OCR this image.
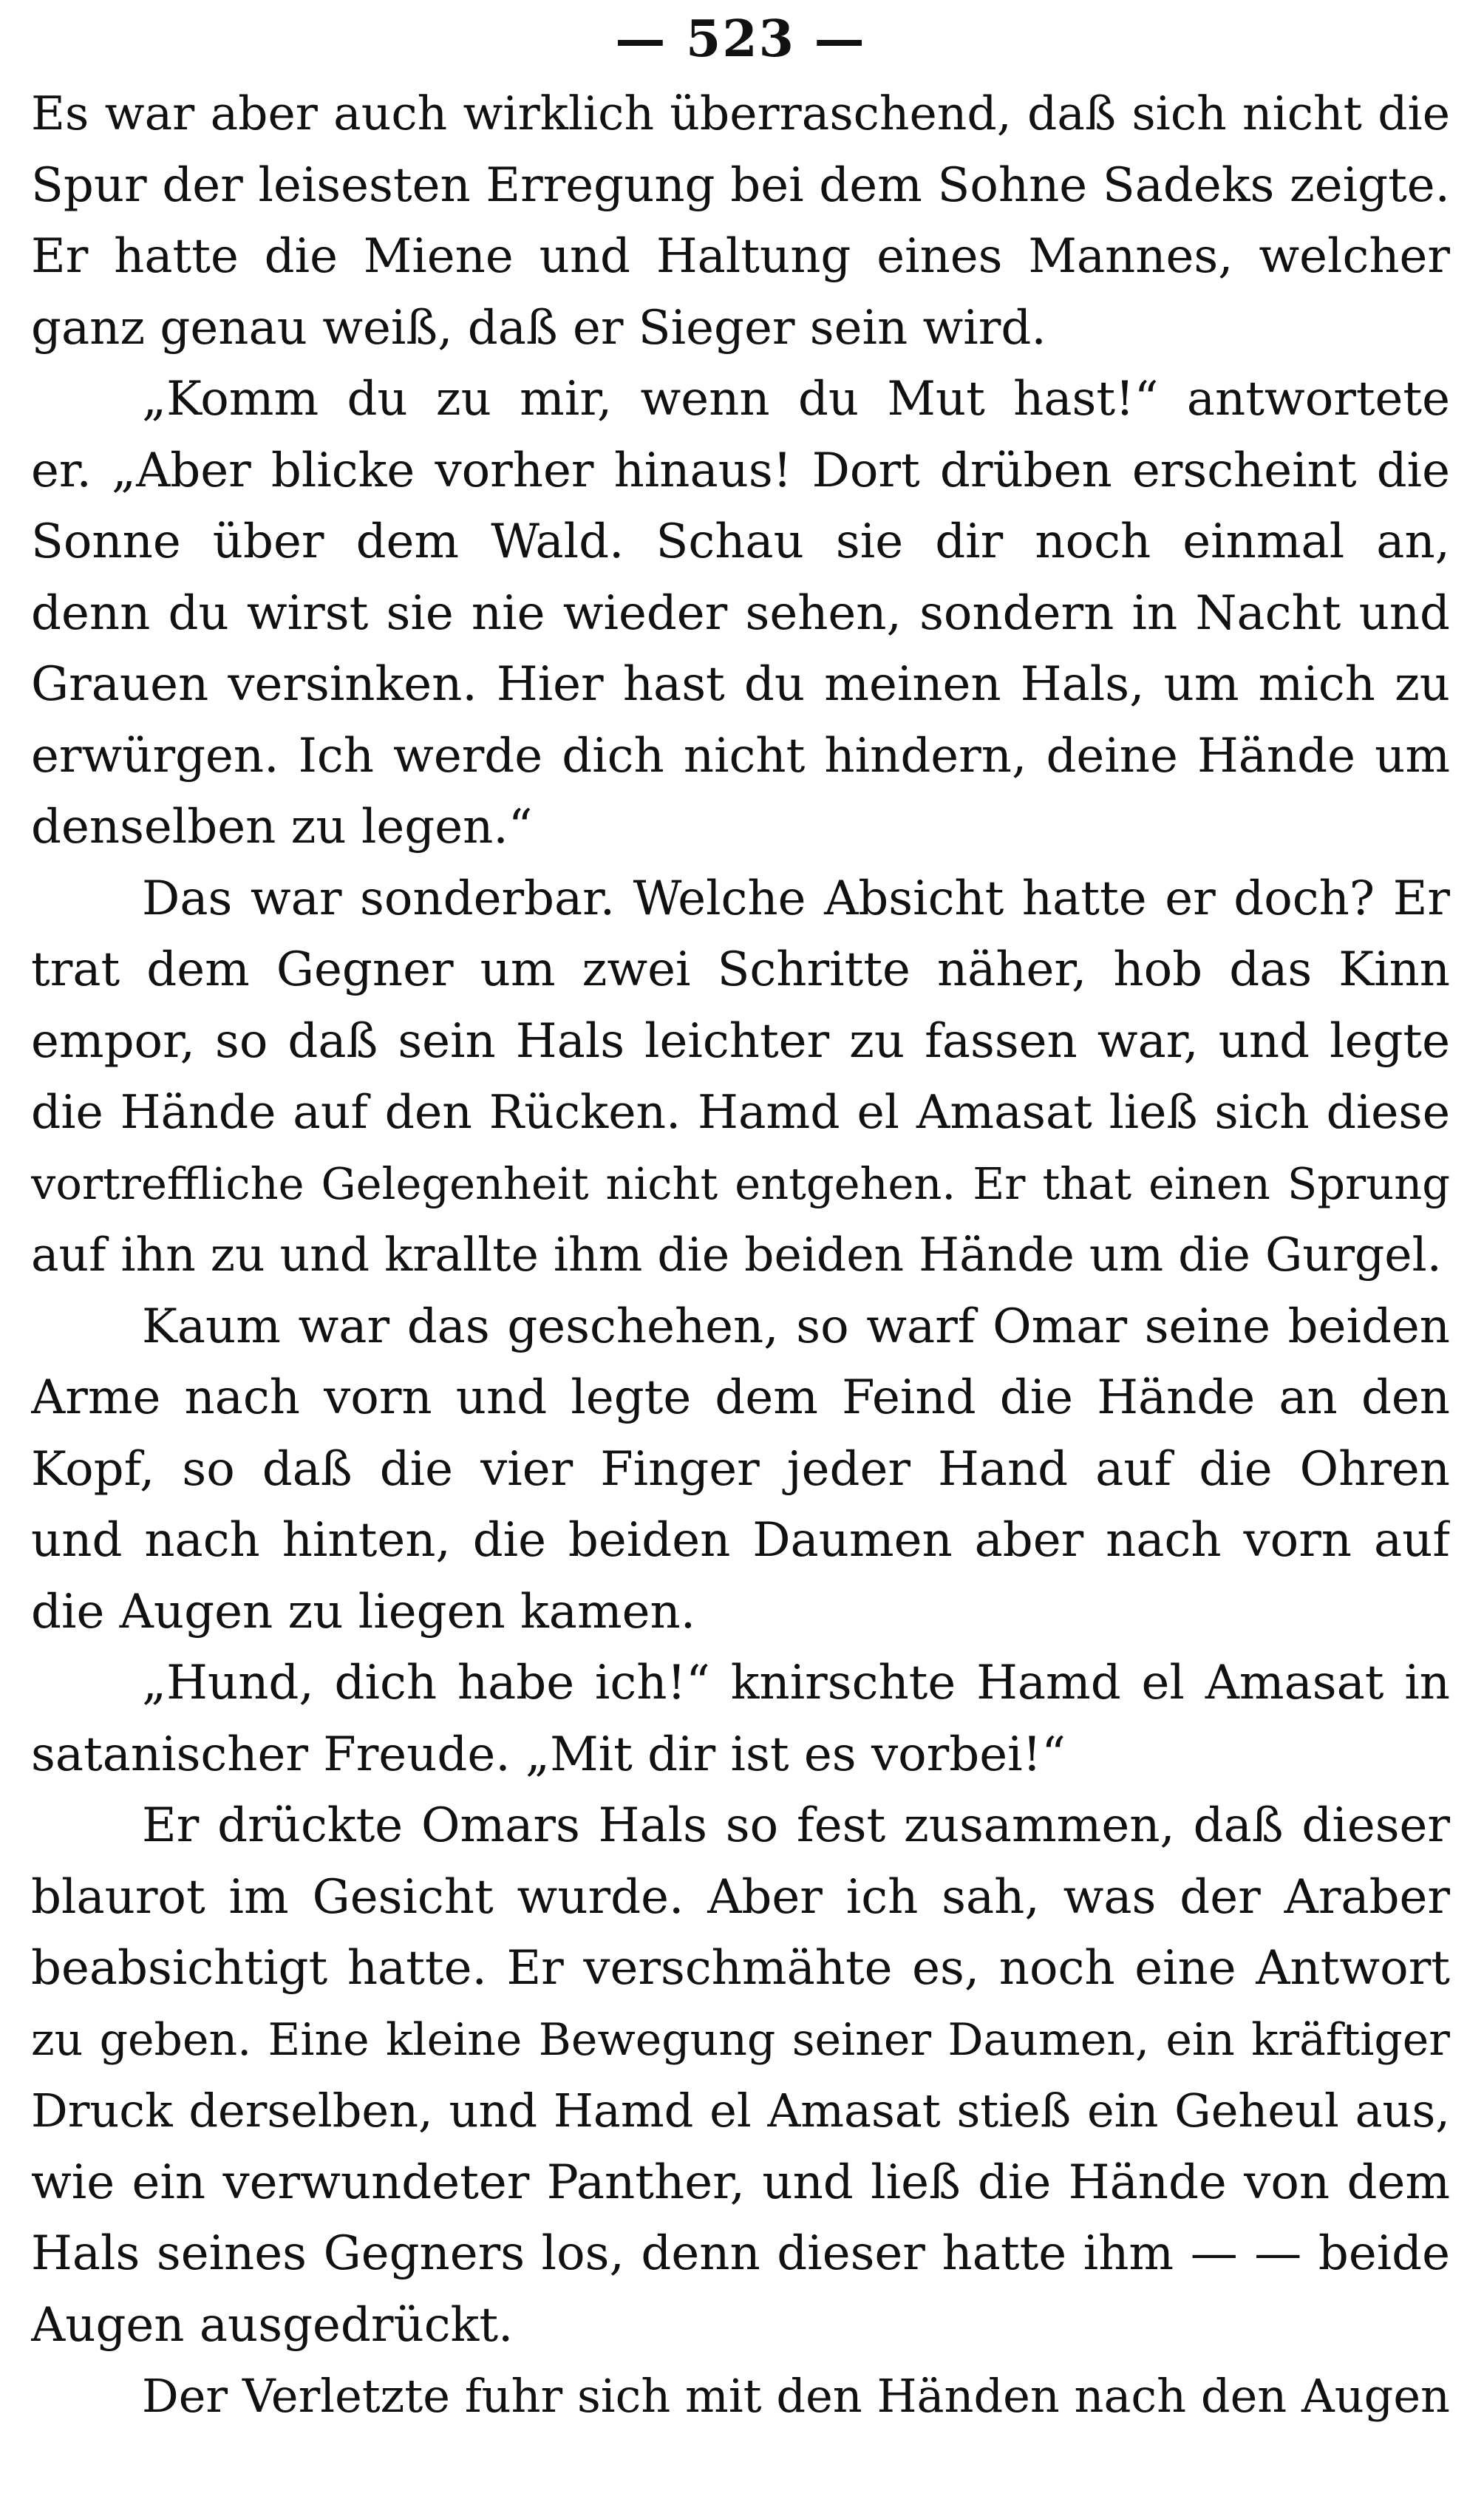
— 523 —
Es war aber auch wirklich überraschend, daß sich nicht die
Spur der leisesten Erregung bei dem Sohne Sadeks zeigte.
Er hatte die Miene und Haltung eines Mannes, welcher
ganz genau weiß, daß er Sieger sein wird.
„Komm du zu mir, wenn du Mut hast!“ antwortete
er. „Aber blicke vorher hinaus! Dort drüben erscheint die
Sonne über dem Wald. Schau sie dir noch einmal an,
denn du wirst sie nie wieder sehen, sondern in Nacht und
Grauen versinken. Hier hast du meinen Hals, um mich zu
erwürgen. Ich werde dich nicht hindern, deine Hände um
denselben zu legen.“
Das war sonderbar. Welche Absicht hatte er doch? Er
trat dem Gegner um zwei Schritte näher, hob das Kinn
empor, so daß sein Hals leichter zu fassen war, und legte
die Hände auf den Rücken. Hamd el Amasat ließ sich diese
vortreffliche Gelegenheit nicht entgehen. Er that einen Sprung
auf ihn zu und krallte ihm die beiden Hände um die Gurgel.
Kaum war das geschehen, so warf Omar seine beiden
Arme nach vorn und legte dem Feind die Hände an den
Kopf, so daß die vier Finger jeder Hand auf die Ohren
und nach hinten, die beiden Daumen aber nach vorn auf
die Augen zu liegen kamen.
„Hund, dich habe ich!“ knirschte Hamd el Amasat in
satanischer Freude. „Mit dir ist es vorbei!“
Er drückte Omars Hals so fest zusammen, daß dieser
blaurot im Gesicht wurde. Aber ich sah, was der Araber
beabsichtigt hatte. Er verschmähte es, noch eine Antwort
zu geben. Eine kleine Bewegung seiner Daumen, ein kräftiger
Druck derselben, und Hamd el Amasat stieß ein Geheul aus,
wie ein verwundeter Panther, und ließ die Hände von dem
Hals seines Gegners los, denn dieser hatte ihm — — beide
Augen ausgedrückt.
Der Verletzte fuhr sich mit den Händen nach den Augen
